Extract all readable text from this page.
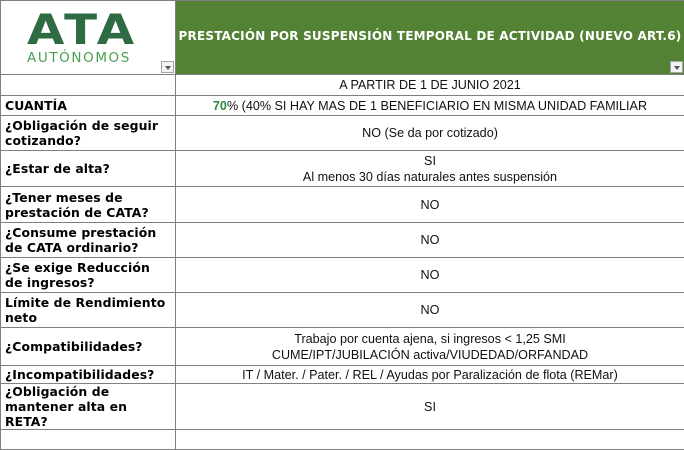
ATA
AUTÓNOMOS	PRESTACIÓN POR SUSPENSIÓN TEMPORAL DE ACTIVIDAD (NUEVO ART.6)

	A PARTIR DE 1 DE JUNIO 2021
CUANTÍA	70% (40% SI HAY MAS DE 1 BENEFICIARIO EN MISMA UNIDAD FAMILIAR
¿Obligación de seguir cotizando?	NO (Se da por cotizado)

¿Estar de alta?	SI
Al menos 30 días naturales antes suspensión

¿Tener meses de prestación de CATA?	NO

¿Consume prestación de CATA ordinario?	NO

¿Se exige Reducción de ingresos?	NO

Límite de Rendimiento neto	NO

¿Compatibilidades?	Trabajo por cuenta ajena, si ingresos < 1,25 SMI
CUME/IPT/JUBILACIÓN activa/VIUDEDAD/ORFANDAD

¿Incompatibilidades?	IT / Mater. / Pater. / REL / Ayudas por Paralización de flota (REMar)

¿Obligación de mantener alta en RETA?	SI
